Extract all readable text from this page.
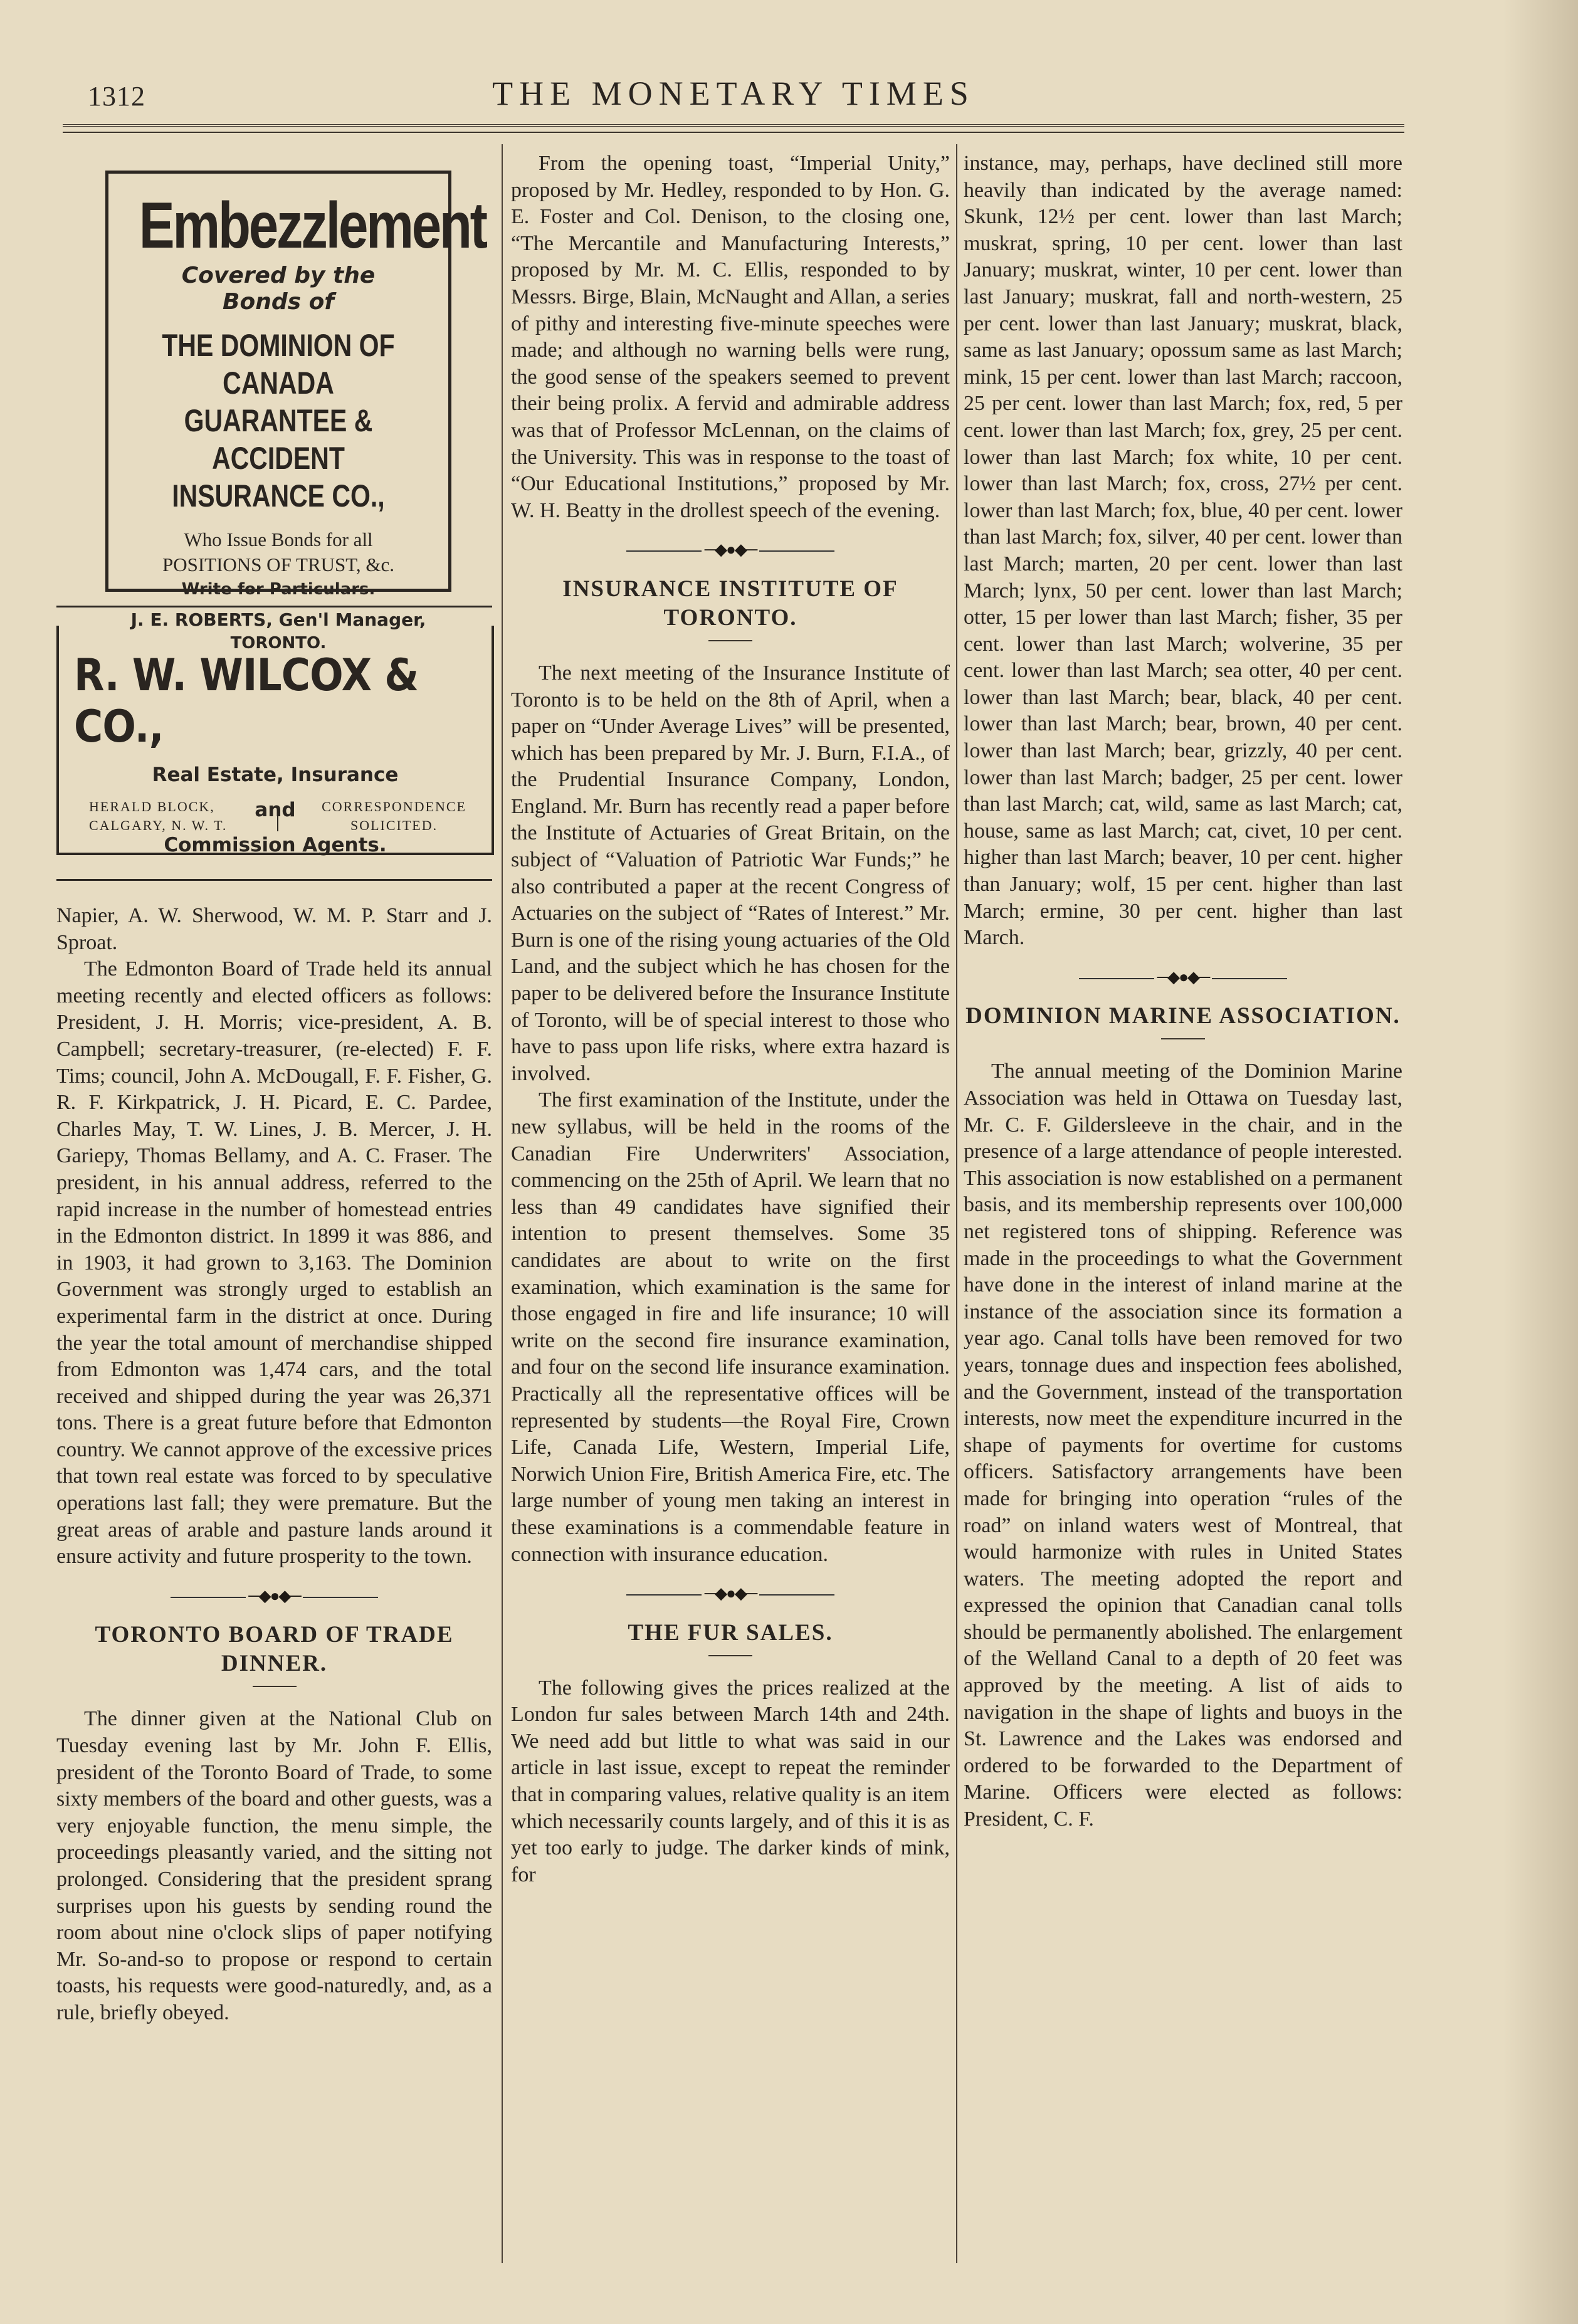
1312	THE MONETARY TIMES
Embezzlement
Covered by the
Bonds of
THE DOMINION OF CANADA
GUARANTEE & ACCIDENT
INSURANCE CO.,
Who Issue Bonds for all
POSITIONS OF TRUST, &c.
Write for Particulars.
J. E. ROBERTS, Gen'l Manager,
TORONTO.
R. W. WILCOX & CO.,
Real Estate, Insurance
and
Commission Agents.
HERALD BLOCK,
CALGARY, N. W. T.
CORRESPONDENCE
SOLICITED.

Napier, A. W. Sherwood, W. M. P. Starr and J. Sproat.

The Edmonton Board of Trade held its annual meeting recently and elected officers as follows: President, J. H. Morris; vice-president, A. B. Campbell; secretary-treasurer, (re-elected) F. F. Tims; council, John A. McDougall, F. F. Fisher, G. R. F. Kirkpatrick, J. H. Picard, E. C. Pardee, Charles May, T. W. Lines, J. B. Mercer, J. H. Gariepy, Thomas Bellamy, and A. C. Fraser. The president, in his annual address, referred to the rapid increase in the number of homestead entries in the Edmonton district. In 1899 it was 886, and in 1903, it had grown to 3,163. The Dominion Government was strongly urged to establish an experimental farm in the district at once. During the year the total amount of merchandise shipped from Edmonton was 1,474 cars, and the total received and shipped during the year was 26,371 tons. There is a great future before that Edmonton country. We cannot approve of the excessive prices that town real estate was forced to by speculative operations last fall; they were premature. But the great areas of arable and pasture lands around it ensure activity and future prosperity to the town.

─◆●◆─
TORONTO BOARD OF TRADE DINNER.

The dinner given at the National Club on Tuesday evening last by Mr. John F. Ellis, president of the Toronto Board of Trade, to some sixty members of the board and other guests, was a very enjoyable function, the menu simple, the proceedings pleasantly varied, and the sitting not prolonged. Considering that the president sprang surprises upon his guests by sending round the room about nine o'clock slips of paper notifying Mr. So-and-so to propose or respond to certain toasts, his requests were good-naturedly, and, as a rule, briefly obeyed.

From the opening toast, “Imperial Unity,” proposed by Mr. Hedley, responded to by Hon. G. E. Foster and Col. Denison, to the closing one, “The Mercantile and Manufacturing Interests,” proposed by Mr. M. C. Ellis, responded to by Messrs. Birge, Blain, McNaught and Allan, a series of pithy and interesting five-minute speeches were made; and although no warning bells were rung, the good sense of the speakers seemed to prevent their being prolix. A fervid and admirable address was that of Professor McLennan, on the claims of the University. This was in response to the toast of “Our Educational Institutions,” proposed by Mr. W. H. Beatty in the drollest speech of the evening.

─◆●◆─
INSURANCE INSTITUTE OF TORONTO.

The next meeting of the Insurance Institute of Toronto is to be held on the 8th of April, when a paper on “Under Average Lives” will be presented, which has been prepared by Mr. J. Burn, F.I.A., of the Prudential Insurance Company, London, England. Mr. Burn has recently read a paper before the Institute of Actuaries of Great Britain, on the subject of “Valuation of Patriotic War Funds;” he also contributed a paper at the recent Congress of Actuaries on the subject of “Rates of Interest.” Mr. Burn is one of the rising young actuaries of the Old Land, and the subject which he has chosen for the paper to be delivered before the Insurance Institute of Toronto, will be of special interest to those who have to pass upon life risks, where extra hazard is involved.

The first examination of the Institute, under the new syllabus, will be held in the rooms of the Canadian Fire Underwriters' Association, commencing on the 25th of April. We learn that no less than 49 candidates have signified their intention to present themselves. Some 35 candidates are about to write on the first examination, which examination is the same for those engaged in fire and life insurance; 10 will write on the second fire insurance examination, and four on the second life insurance examination. Practically all the representative offices will be represented by students—the Royal Fire, Crown Life, Canada Life, Western, Imperial Life, Norwich Union Fire, British America Fire, etc. The large number of young men taking an interest in these examinations is a commendable feature in connection with insurance education.

─◆●◆─
THE FUR SALES.

The following gives the prices realized at the London fur sales between March 14th and 24th. We need add but little to what was said in our article in last issue, except to repeat the reminder that in comparing values, relative quality is an item which necessarily counts largely, and of this it is as yet too early to judge. The darker kinds of mink, for

instance, may, perhaps, have declined still more heavily than indicated by the average named: Skunk, 12½ per cent. lower than last March; muskrat, spring, 10 per cent. lower than last January; muskrat, winter, 10 per cent. lower than last January; muskrat, fall and north-western, 25 per cent. lower than last January; muskrat, black, same as last January; opossum same as last March; mink, 15 per cent. lower than last March; raccoon, 25 per cent. lower than last March; fox, red, 5 per cent. lower than last March; fox, grey, 25 per cent. lower than last March; fox white, 10 per cent. lower than last March; fox, cross, 27½ per cent. lower than last March; fox, blue, 40 per cent. lower than last March; fox, silver, 40 per cent. lower than last March; marten, 20 per cent. lower than last March; lynx, 50 per cent. lower than last March; otter, 15 per lower than last March; fisher, 35 per cent. lower than last March; wolverine, 35 per cent. lower than last March; sea otter, 40 per cent. lower than last March; bear, black, 40 per cent. lower than last March; bear, brown, 40 per cent. lower than last March; bear, grizzly, 40 per cent. lower than last March; badger, 25 per cent. lower than last March; cat, wild, same as last March; cat, house, same as last March; cat, civet, 10 per cent. higher than last March; beaver, 10 per cent. higher than January; wolf, 15 per cent. higher than last March; ermine, 30 per cent. higher than last March.

─◆●◆─
DOMINION MARINE ASSOCIATION.

The annual meeting of the Dominion Marine Association was held in Ottawa on Tuesday last, Mr. C. F. Gildersleeve in the chair, and in the presence of a large attendance of people interested. This association is now established on a permanent basis, and its membership represents over 100,000 net registered tons of shipping. Reference was made in the proceedings to what the Government have done in the interest of inland marine at the instance of the association since its formation a year ago. Canal tolls have been removed for two years, tonnage dues and inspection fees abolished, and the Government, instead of the transportation interests, now meet the expenditure incurred in the shape of payments for overtime for customs officers. Satisfactory arrangements have been made for bringing into operation “rules of the road” on inland waters west of Montreal, that would harmonize with rules in United States waters. The meeting adopted the report and expressed the opinion that Canadian canal tolls should be permanently abolished. The enlargement of the Welland Canal to a depth of 20 feet was approved by the meeting. A list of aids to navigation in the shape of lights and buoys in the St. Lawrence and the Lakes was endorsed and ordered to be forwarded to the Department of Marine. Officers were elected as follows: President, C. F.
